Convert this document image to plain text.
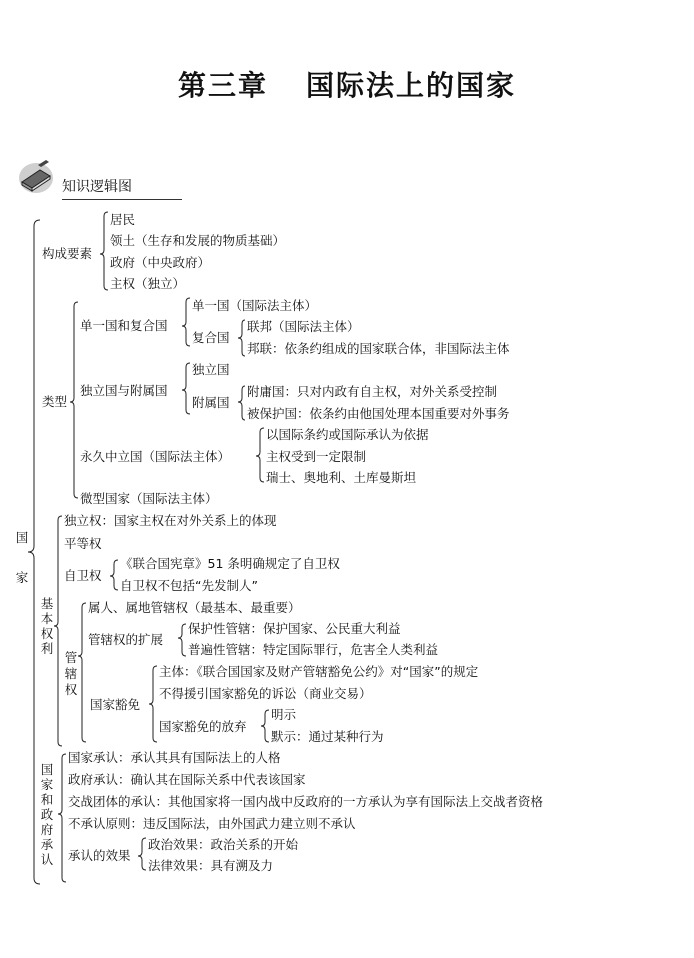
第三章 国际法上的国家
知识逻辑图
国家
构成要素
居民
领土（生存和发展的物质基础）
政府（中央政府）
主权（独立）
类型
单一国和复合国
单一国（国际法主体）
复合国
联邦（国际法主体）
邦联：依条约组成的国家联合体，非国际法主体
独立国与附属国
独立国
附属国
附庸国：只对内政有自主权，对外关系受控制
被保护国：依条约由他国处理本国重要对外事务
永久中立国（国际法主体）
以国际条约或国际承认为依据
主权受到一定限制
瑞士、奥地利、土库曼斯坦
微型国家（国际法主体）
基本权利
独立权：国家主权在对外关系上的体现
平等权
自卫权
《联合国宪章》51 条明确规定了自卫权
自卫权不包括“先发制人”
管辖权
属人、属地管辖权（最基本、最重要）
管辖权的扩展
保护性管辖：保护国家、公民重大利益
普遍性管辖：特定国际罪行，危害全人类利益
国家豁免
主体：《联合国国家及财产管辖豁免公约》对“国家”的规定
不得援引国家豁免的诉讼（商业交易）
国家豁免的放弃
明示
默示：通过某种行为
国家和政府承认
国家承认：承认其具有国际法上的人格
政府承认：确认其在国际关系中代表该国家
交战团体的承认：其他国家将一国内战中反政府的一方承认为享有国际法上交战者资格
不承认原则：违反国际法，由外国武力建立则不承认
承认的效果
政治效果：政治关系的开始
法律效果：具有溯及力
